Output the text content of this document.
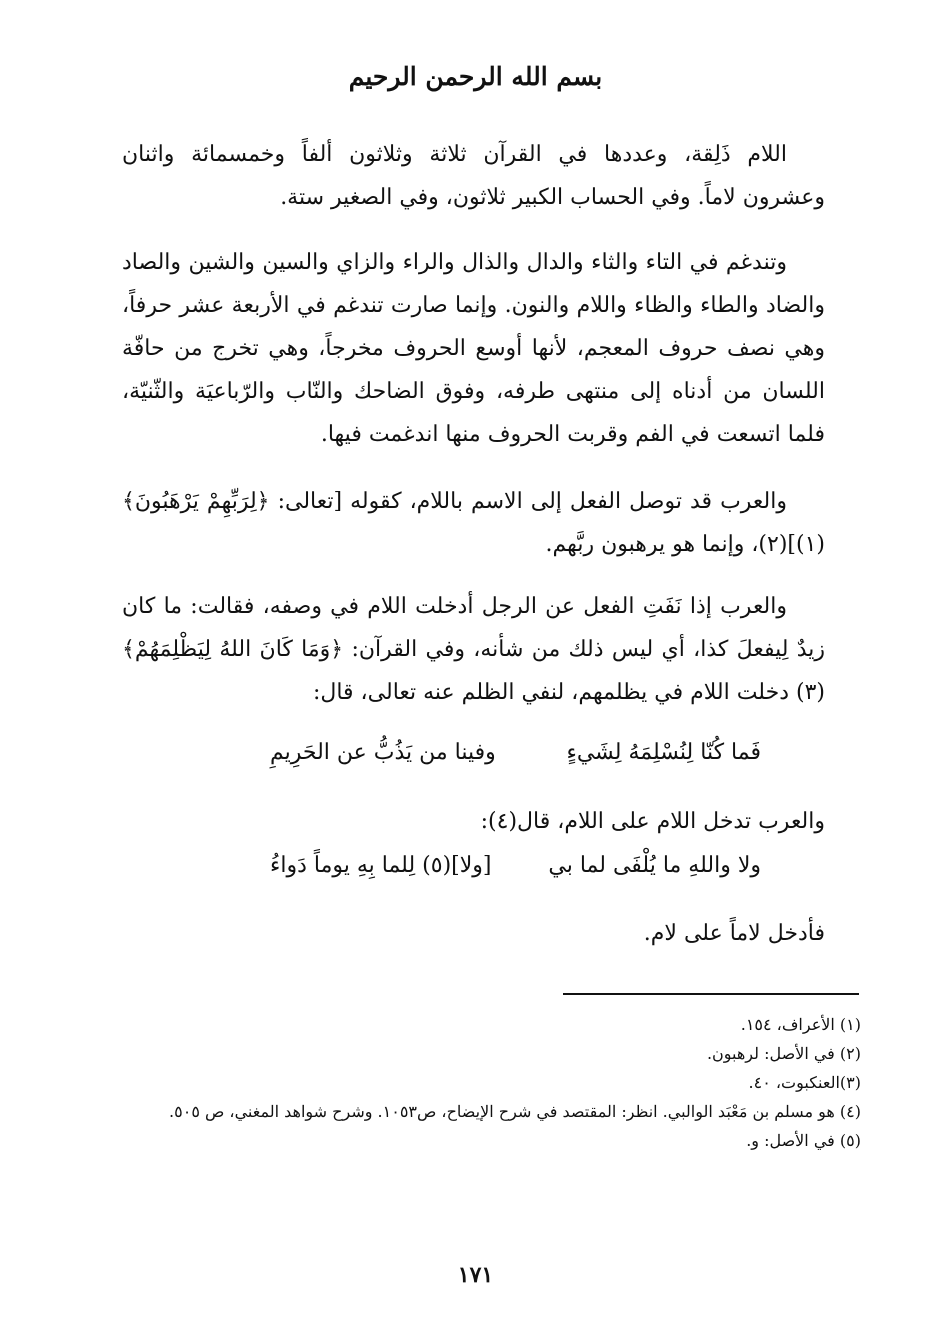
بسم الله الرحمن الرحيم

اللام ذَلِقة، وعددها في القرآن ثلاثة وثلاثون ألفاً وخمسمائة واثنان وعشرون لاماً. وفي الحساب الكبير ثلاثون، وفي الصغير ستة.

وتندغم في التاء والثاء والدال والذال والراء والزاي والسين والشين والصاد والضاد والطاء والظاء واللام والنون. وإنما صارت تندغم في الأربعة عشر حرفاً، وهي نصف حروف المعجم، لأنها أوسع الحروف مخرجاً، وهي تخرج من حافّة اللسان من أدناه إلى منتهى طرفه، وفوق الضاحك والنّاب والرّباعيَة والثّنيّة، فلما اتسعت في الفم وقربت الحروف منها اندغمت فيها.

والعرب قد توصل الفعل إلى الاسم باللام، كقوله [تعالى: ﴿لِرَبِّهِمْ يَرْهَبُونَ﴾(١)](٢)، وإنما هو يرهبون ربَّهم.

والعرب إذا نَفَتِ الفعل عن الرجل أدخلت اللام في وصفه، فقالت: ما كان زيدٌ لِيفعلَ كذا، أي ليس ذلك من شأنه، وفي القرآن: ﴿وَمَا كَانَ اللهُ لِيَظْلِمَهُمْ﴾(٣) دخلت اللام في يظلمهم، لنفي الظلم عنه تعالى، قال:

فَما كُنّا لِنُسْلِمَهُ لِشَيءٍ
وفينا من يَذُبُّ عن الحَرِيمِ

والعرب تدخل اللام على اللام، قال(٤):

ولا واللهِ ما يُلْفَى لما بي
[ولا](٥) لِلما بِهِ يوماً دَواءُ

فأدخل لاماً على لام.

(١) الأعراف، ١٥٤.

(٢) في الأصل: لرهبون.

(٣)العنكبوت، ٤٠.

(٤) هو مسلم بن مَعْبَد الوالبي. انظر: المقتصد في شرح الإيضاح، ص١٠٥٣. وشرح شواهد المغني، ص ٥٠٥.

(٥) في الأصل: و.

١٧١
